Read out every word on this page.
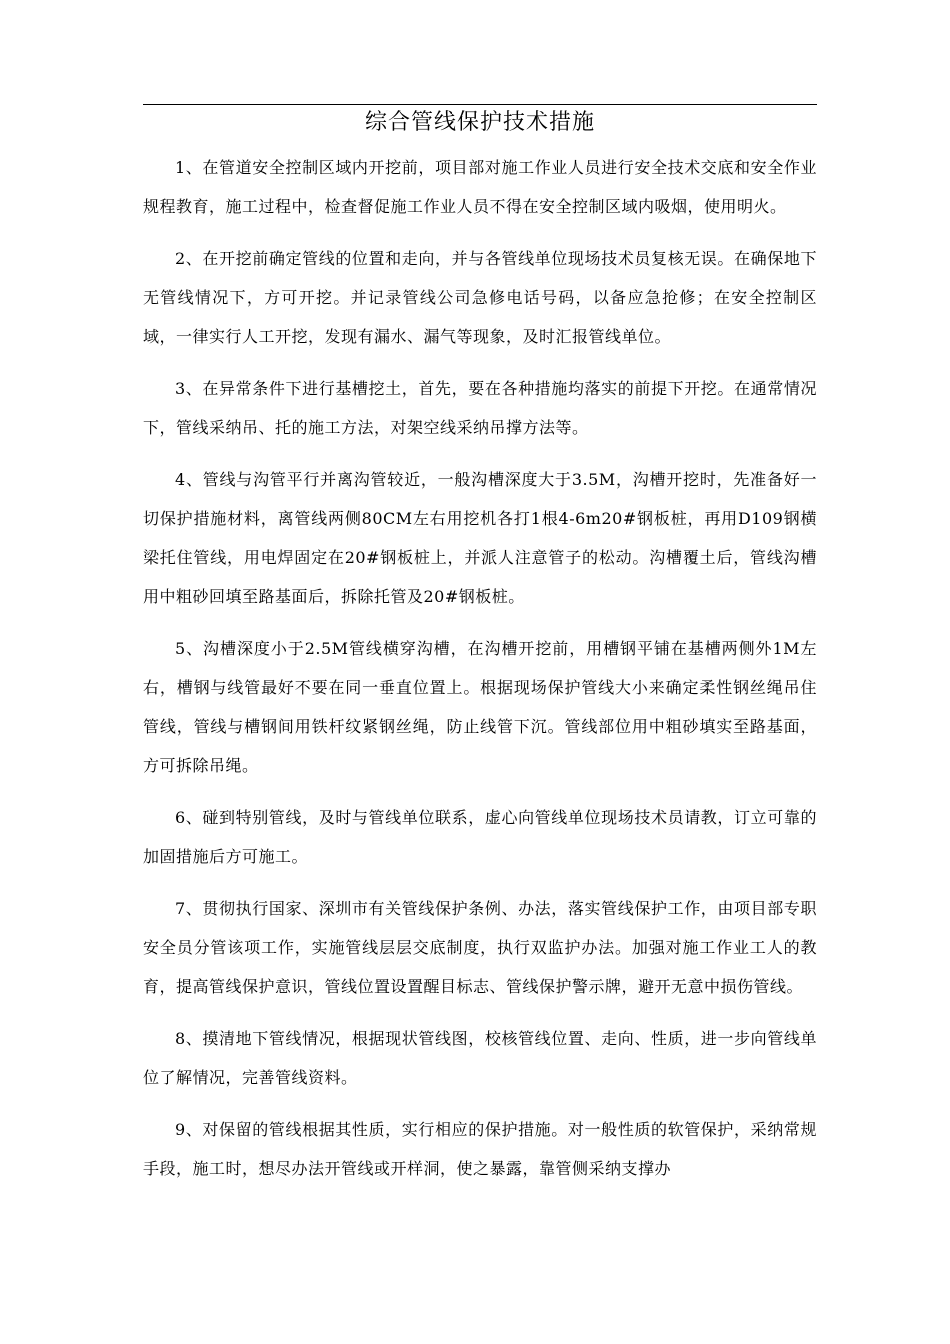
综合管线保护技术措施

1、在管道安全控制区域内开挖前，项目部对施工作业人员进行安全技术交底和安全作业规程教育，施工过程中，检查督促施工作业人员不得在安全控制区域内吸烟，使用明火。

2、在开挖前确定管线的位置和走向，并与各管线单位现场技术员复核无误。在确保地下无管线情况下，方可开挖。并记录管线公司急修电话号码，以备应急抢修；在安全控制区域，一律实行人工开挖，发现有漏水、漏气等现象，及时汇报管线单位。

3、在异常条件下进行基槽挖土，首先，要在各种措施均落实的前提下开挖。在通常情况下，管线采纳吊、托的施工方法，对架空线采纳吊撑方法等。

4、管线与沟管平行并离沟管较近，一般沟槽深度大于3.5M，沟槽开挖时，先准备好一切保护措施材料，离管线两侧80CM左右用挖机各打1根4-6m20#钢板桩，再用D109钢横梁托住管线，用电焊固定在20#钢板桩上，并派人注意管子的松动。沟槽覆土后，管线沟槽用中粗砂回填至路基面后，拆除托管及20#钢板桩。

5、沟槽深度小于2.5M管线横穿沟槽，在沟槽开挖前，用槽钢平铺在基槽两侧外1M左右，槽钢与线管最好不要在同一垂直位置上。根据现场保护管线大小来确定柔性钢丝绳吊住管线，管线与槽钢间用铁杆纹紧钢丝绳，防止线管下沉。管线部位用中粗砂填实至路基面，方可拆除吊绳。

6、碰到特别管线，及时与管线单位联系，虚心向管线单位现场技术员请教，订立可靠的加固措施后方可施工。

7、贯彻执行国家、深圳市有关管线保护条例、办法，落实管线保护工作，由项目部专职安全员分管该项工作，实施管线层层交底制度，执行双监护办法。加强对施工作业工人的教育，提高管线保护意识，管线位置设置醒目标志、管线保护警示牌，避开无意中损伤管线。

8、摸清地下管线情况，根据现状管线图，校核管线位置、走向、性质，进一步向管线单位了解情况，完善管线资料。

9、对保留的管线根据其性质，实行相应的保护措施。对一般性质的软管保护，采纳常规手段，施工时，想尽办法开管线或开样洞，使之暴露，靠管侧采纳支撑办
